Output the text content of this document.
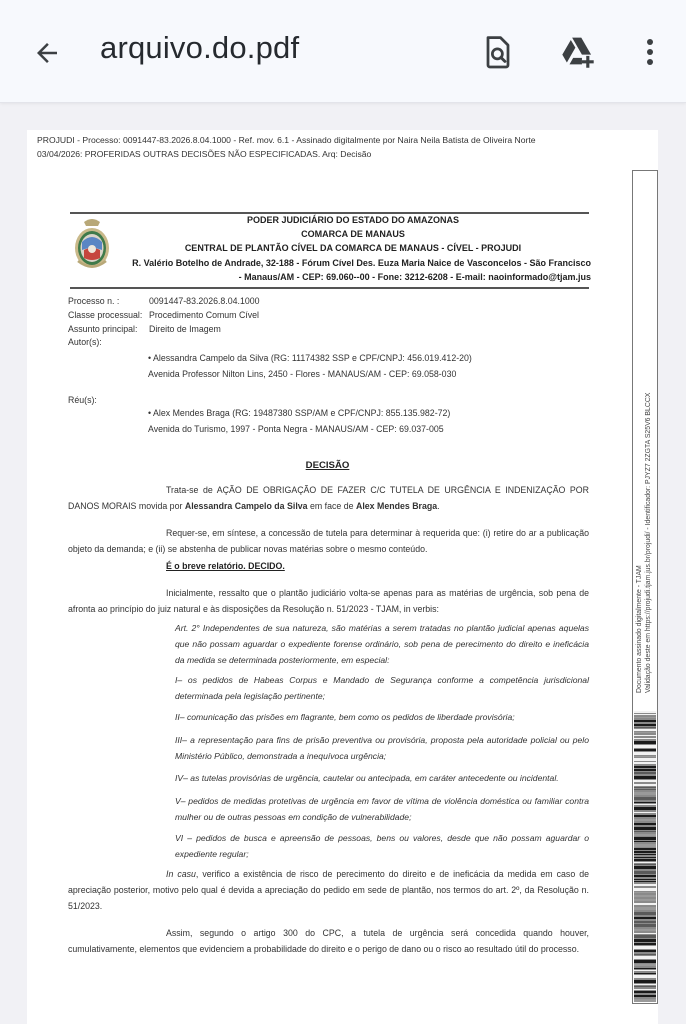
arquivo.do.pdf
PROJUDI - Processo: 0091447-83.2026.8.04.1000 - Ref. mov. 6.1 - Assinado digitalmente por Naira Neila Batista de Oliveira Norte
03/04/2026: PROFERIDAS OUTRAS DECISÕES NÃO ESPECIFICADAS. Arq: Decisão
PODER JUDICIÁRIO DO ESTADO DO AMAZONAS
COMARCA DE MANAUS
CENTRAL DE PLANTÃO CÍVEL DA COMARCA DE MANAUS - CÍVEL - PROJUDI
R. Valério Botelho de Andrade, 32-188 - Fórum Cível Des. Euza Maria Naice de Vasconcelos - São Francisco
- Manaus/AM - CEP: 69.060--00 - Fone: 3212-6208 - E-mail: naoinformado@tjam.jus
Processo n. :	0091447-83.2026.8.04.1000
Classe processual: Procedimento Comum Cível
Assunto principal: Direito de Imagem
Autor(s):
• Alessandra Campelo da Silva (RG: 11174382 SSP e CPF/CNPJ: 456.019.412-20)
Avenida Professor Nilton Lins, 2450 - Flores - MANAUS/AM - CEP: 69.058-030
Réu(s):
• Alex Mendes Braga (RG: 19487380 SSP/AM e CPF/CNPJ: 855.135.982-72)
Avenida do Turismo, 1997 - Ponta Negra - MANAUS/AM - CEP: 69.037-005
DECISÃO
Trata-se de AÇÃO DE OBRIGAÇÃO DE FAZER C/C TUTELA DE URGÊNCIA E INDENIZAÇÃO POR DANOS MORAIS movida por Alessandra Campelo da Silva em face de Alex Mendes Braga.
Requer-se, em síntese, a concessão de tutela para determinar à requerida que: (i) retire do ar a publicação objeto da demanda; e (ii) se abstenha de publicar novas matérias sobre o mesmo conteúdo.
É o breve relatório. DECIDO.
Inicialmente, ressalto que o plantão judiciário volta-se apenas para as matérias de urgência, sob pena de afronta ao princípio do juiz natural e às disposições da Resolução n. 51/2023 - TJAM, in verbis:
Art. 2° Independentes de sua natureza, são matérias a serem tratadas no plantão judicial apenas aquelas que não possam aguardar o expediente forense ordinário, sob pena de perecimento do direito e ineficácia da medida se determinada posteriormente, em especial:
I– os pedidos de Habeas Corpus e Mandado de Segurança conforme a competência jurisdicional determinada pela legislação pertinente;
II– comunicação das prisões em flagrante, bem como os pedidos de liberdade provisória;
III– a representação para fins de prisão preventiva ou provisória, proposta pela autoridade policial ou pelo Ministério Público, demonstrada a inequívoca urgência;
IV– as tutelas provisórias de urgência, cautelar ou antecipada, em caráter antecedente ou incidental.
V– pedidos de medidas protetivas de urgência em favor de vítima de violência doméstica ou familiar contra mulher ou de outras pessoas em condição de vulnerabilidade;
VI – pedidos de busca e apreensão de pessoas, bens ou valores, desde que não possam aguardar o expediente regular;
In casu, verifico a existência de risco de perecimento do direito e de ineficácia da medida em caso de apreciação posterior, motivo pelo qual é devida a apreciação do pedido em sede de plantão, nos termos do art. 2º, da Resolução n. 51/2023.
Assim, segundo o artigo 300 do CPC, a tutela de urgência será concedida quando houver, cumulativamente, elementos que evidenciem a probabilidade do direito e o perigo de dano ou o risco ao resultado útil do processo.
Documento assinado digitalmente - TJAM Validação deste em https://projudi.tjam.jus.br/projudi/ - Identificador: PJYZ7 2ZGTA S25V6 BLCCX
